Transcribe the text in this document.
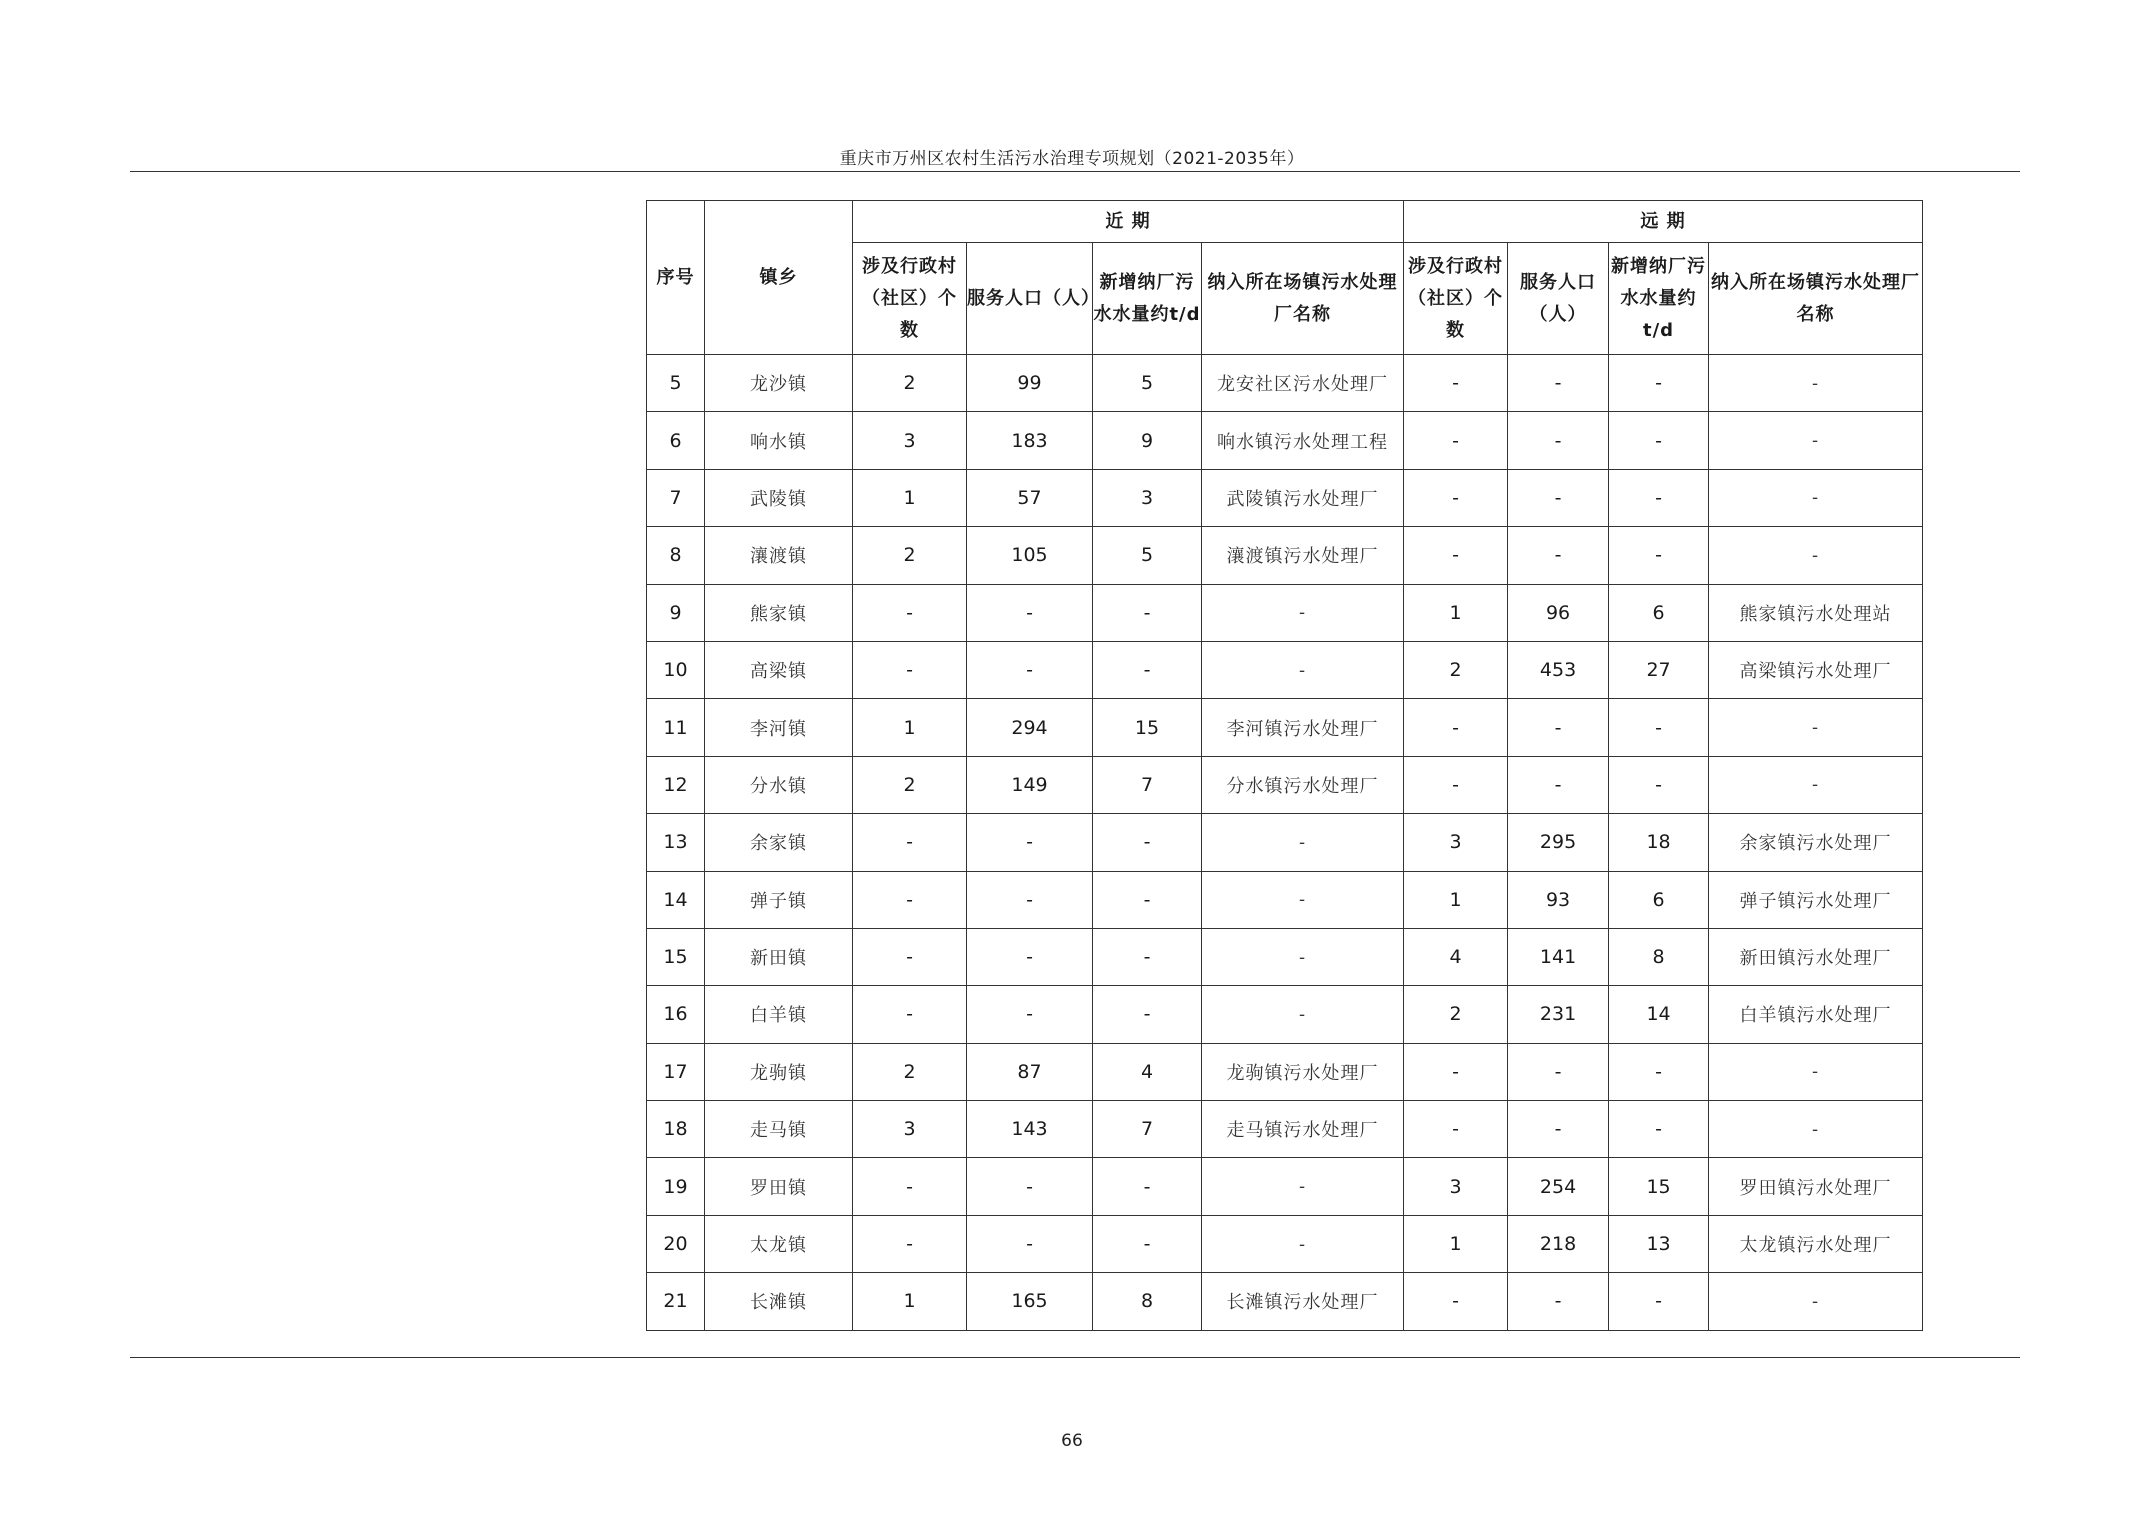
重庆市万州区农村生活污水治理专项规划（2021-2035年）
序号	镇乡	近 期				远 期			
		涉及行政村（社区）个数	服务人口（人）	新增纳厂污水水量约t/d	纳入所在场镇污水处理厂名称	涉及行政村（社区）个数	服务人口（人）	新增纳厂污水水量约t/d	纳入所在场镇污水处理厂名称
5	龙沙镇	2	99	5	龙安社区污水处理厂	-	-	-	-
6	响水镇	3	183	9	响水镇污水处理工程	-	-	-	-
7	武陵镇	1	57	3	武陵镇污水处理厂	-	-	-	-
8	瀼渡镇	2	105	5	瀼渡镇污水处理厂	-	-	-	-
9	熊家镇	-	-	-	-	1	96	6	熊家镇污水处理站
10	高梁镇	-	-	-	-	2	453	27	高梁镇污水处理厂
11	李河镇	1	294	15	李河镇污水处理厂	-	-	-	-
12	分水镇	2	149	7	分水镇污水处理厂	-	-	-	-
13	余家镇	-	-	-	-	3	295	18	余家镇污水处理厂
14	弹子镇	-	-	-	-	1	93	6	弹子镇污水处理厂
15	新田镇	-	-	-	-	4	141	8	新田镇污水处理厂
16	白羊镇	-	-	-	-	2	231	14	白羊镇污水处理厂
17	龙驹镇	2	87	4	龙驹镇污水处理厂	-	-	-	-
18	走马镇	3	143	7	走马镇污水处理厂	-	-	-	-
19	罗田镇	-	-	-	-	3	254	15	罗田镇污水处理厂
20	太龙镇	-	-	-	-	1	218	13	太龙镇污水处理厂
21	长滩镇	1	165	8	长滩镇污水处理厂	-	-	-	-
66
